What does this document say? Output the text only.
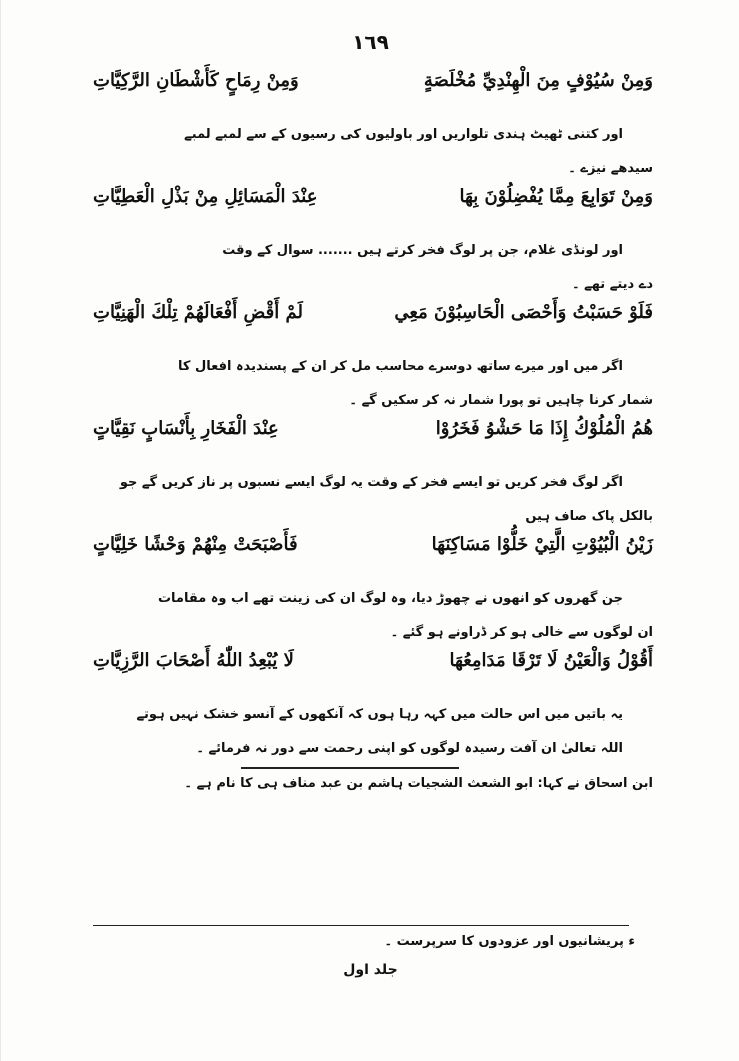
١٦٩
وَمِنْ سُيُوْفٍ مِنَ الْهِنْدِيِّ مُخْلَصَةٍ
وَمِنْ رِمَاحٍ كَأَشْطَانِ الرَّكِيَّاتِ
اور کتنی ٹھیٹ ہندی تلواریں اور باولیوں کی رسیوں کے سے لمبے لمبے
سیدھے نیزے ۔
وَمِنْ تَوَابِعَ مِمَّا يُفْضِلُوْنَ بِهَا
عِنْدَ الْمَسَائِلِ مِنْ بَذْلِ الْعَطِيَّاتِ
اور لونڈی غلام، جن پر لوگ فخر کرتے ہیں ....... سوال کے وقت
دے دیتے تھے ۔
فَلَوْ حَسَبْتُ وَأَحْصَى الْحَاسِبُوْنَ مَعِي
لَمْ أَقْضِ أَفْعَالَهُمْ تِلْكَ الْهَنِيَّاتِ
اگر میں اور میرے ساتھ دوسرے محاسب مل کر ان کے پسندیدہ افعال کا
شمار کرنا چاہیں تو پورا شمار نہ کر سکیں گے ۔
هُمُ الْمُلُوْكُ إِذَا مَا حَشْوُ فَخَرُوْا
عِنْدَ الْفَخَارِ بِأَنْسَابٍ نَقِيَّاتٍ
اگر لوگ فخر کریں تو ایسے فخر کے وقت یہ لوگ ایسے نسبوں پر ناز کریں گے جو
بالکل پاک صاف ہیں
زَيْنُ الْبُيُوْتِ الَّتِيْ خَلُّوْا مَسَاكِنَهَا
فَأَصْبَحَتْ مِنْهُمْ وَحْشًا خَلِيَّاتٍ
جن گھروں کو انھوں نے چھوڑ دیا، وہ لوگ ان کی زینت تھے اب وہ مقامات
ان لوگوں سے خالی ہو کر ڈراونے ہو گئے ۔
أَقُوْلُ وَالْعَيْنُ لَا تَرْقَا مَدَامِعُهَا
لَا يُبْعِدُ اللّٰهُ أَصْحَابَ الرَّزِيَّاتِ
یہ باتیں میں اس حالت میں کہہ رہا ہوں کہ آنکھوں کے آنسو خشک نہیں ہوتے
اللہ تعالیٰ ان آفت رسیدہ لوگوں کو اپنی رحمت سے دور نہ فرمائے ۔
ابن اسحاق نے کہا: ابو الشعث الشجیات ہاشم بن عبد مناف ہی کا نام ہے ۔
ء پریشانیوں اور عزودوں کا سرپرست ۔
جلد اول
